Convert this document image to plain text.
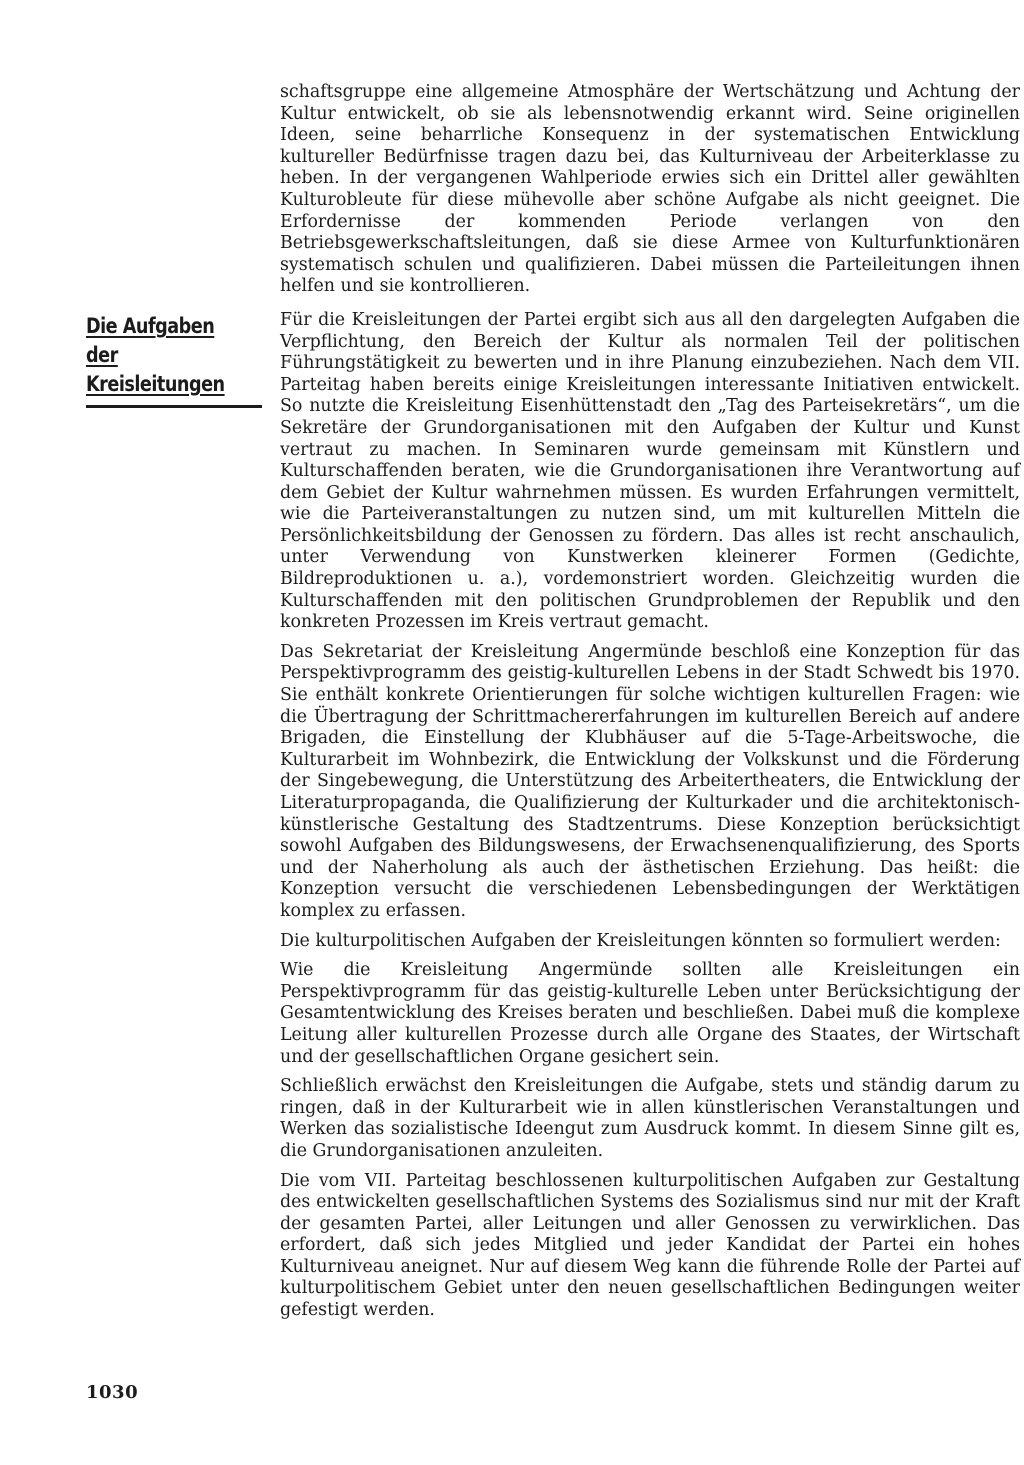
Die Aufgaben
der
Kreisleitungen

schaftsgruppe eine allgemeine Atmosphäre der Wertschätzung und Achtung der Kultur entwickelt, ob sie als lebensnotwendig erkannt wird. Seine originellen Ideen, seine beharrliche Konsequenz in der systematischen Entwicklung kultureller Bedürfnisse tragen dazu bei, das Kulturniveau der Arbeiterklasse zu heben. In der vergangenen Wahlperiode erwies sich ein Drittel aller gewählten Kulturobleute für diese mühevolle aber schöne Aufgabe als nicht geeignet. Die Erfordernisse der kommenden Periode verlangen von den Betriebsgewerkschaftsleitungen, daß sie diese Armee von Kulturfunktionären systematisch schulen und qualifizieren. Dabei müssen die Parteileitungen ihnen helfen und sie kontrollieren.

Für die Kreisleitungen der Partei ergibt sich aus all den dargelegten Aufgaben die Verpflichtung, den Bereich der Kultur als normalen Teil der politischen Führungstätigkeit zu bewerten und in ihre Planung einzubeziehen. Nach dem VII. Parteitag haben bereits einige Kreisleitungen interessante Initiativen entwickelt. So nutzte die Kreisleitung Eisenhüttenstadt den „Tag des Parteisekretärs“, um die Sekretäre der Grundorganisationen mit den Aufgaben der Kultur und Kunst vertraut zu machen. In Seminaren wurde gemeinsam mit Künstlern und Kulturschaffenden beraten, wie die Grundorganisationen ihre Verantwortung auf dem Gebiet der Kultur wahrnehmen müssen. Es wurden Erfahrungen vermittelt, wie die Parteiveranstaltungen zu nutzen sind, um mit kulturellen Mitteln die Persönlichkeitsbildung der Genossen zu fördern. Das alles ist recht anschaulich, unter Verwendung von Kunstwerken kleinerer Formen (Gedichte, Bildreproduktionen u. a.), vordemonstriert worden. Gleichzeitig wurden die Kulturschaffenden mit den politischen Grundproblemen der Republik und den konkreten Prozessen im Kreis vertraut gemacht.

Das Sekretariat der Kreisleitung Angermünde beschloß eine Konzeption für das Perspektivprogramm des geistig-kulturellen Lebens in der Stadt Schwedt bis 1970. Sie enthält konkrete Orientierungen für solche wichtigen kulturellen Fragen: wie die Übertragung der Schrittmachererfahrungen im kulturellen Bereich auf andere Brigaden, die Einstellung der Klubhäuser auf die 5-Tage-Arbeitswoche, die Kulturarbeit im Wohnbezirk, die Entwicklung der Volkskunst und die Förderung der Singebewegung, die Unterstützung des Arbeitertheaters, die Entwicklung der Literaturpropaganda, die Qualifizierung der Kulturkader und die architektonisch-künstlerische Gestaltung des Stadtzentrums. Diese Konzeption berücksichtigt sowohl Aufgaben des Bildungswesens, der Erwachsenenqualifizierung, des Sports und der Naherholung als auch der ästhetischen Erziehung. Das heißt: die Konzeption versucht die verschiedenen Lebensbedingungen der Werktätigen komplex zu erfassen.

Die kulturpolitischen Aufgaben der Kreisleitungen könnten so formuliert werden:

Wie die Kreisleitung Angermünde sollten alle Kreisleitungen ein Perspektivprogramm für das geistig-kulturelle Leben unter Berücksichtigung der Gesamtentwicklung des Kreises beraten und beschließen. Dabei muß die komplexe Leitung aller kulturellen Prozesse durch alle Organe des Staates, der Wirtschaft und der gesellschaftlichen Organe gesichert sein.

Schließlich erwächst den Kreisleitungen die Aufgabe, stets und ständig darum zu ringen, daß in der Kulturarbeit wie in allen künstlerischen Veranstaltungen und Werken das sozialistische Ideengut zum Ausdruck kommt. In diesem Sinne gilt es, die Grundorganisationen anzuleiten.

Die vom VII. Parteitag beschlossenen kulturpolitischen Aufgaben zur Gestaltung des entwickelten gesellschaftlichen Systems des Sozialismus sind nur mit der Kraft der gesamten Partei, aller Leitungen und aller Genossen zu verwirklichen. Das erfordert, daß sich jedes Mitglied und jeder Kandidat der Partei ein hohes Kulturniveau aneignet. Nur auf diesem Weg kann die führende Rolle der Partei auf kulturpolitischem Gebiet unter den neuen gesellschaftlichen Bedingungen weiter gefestigt werden.

1030
